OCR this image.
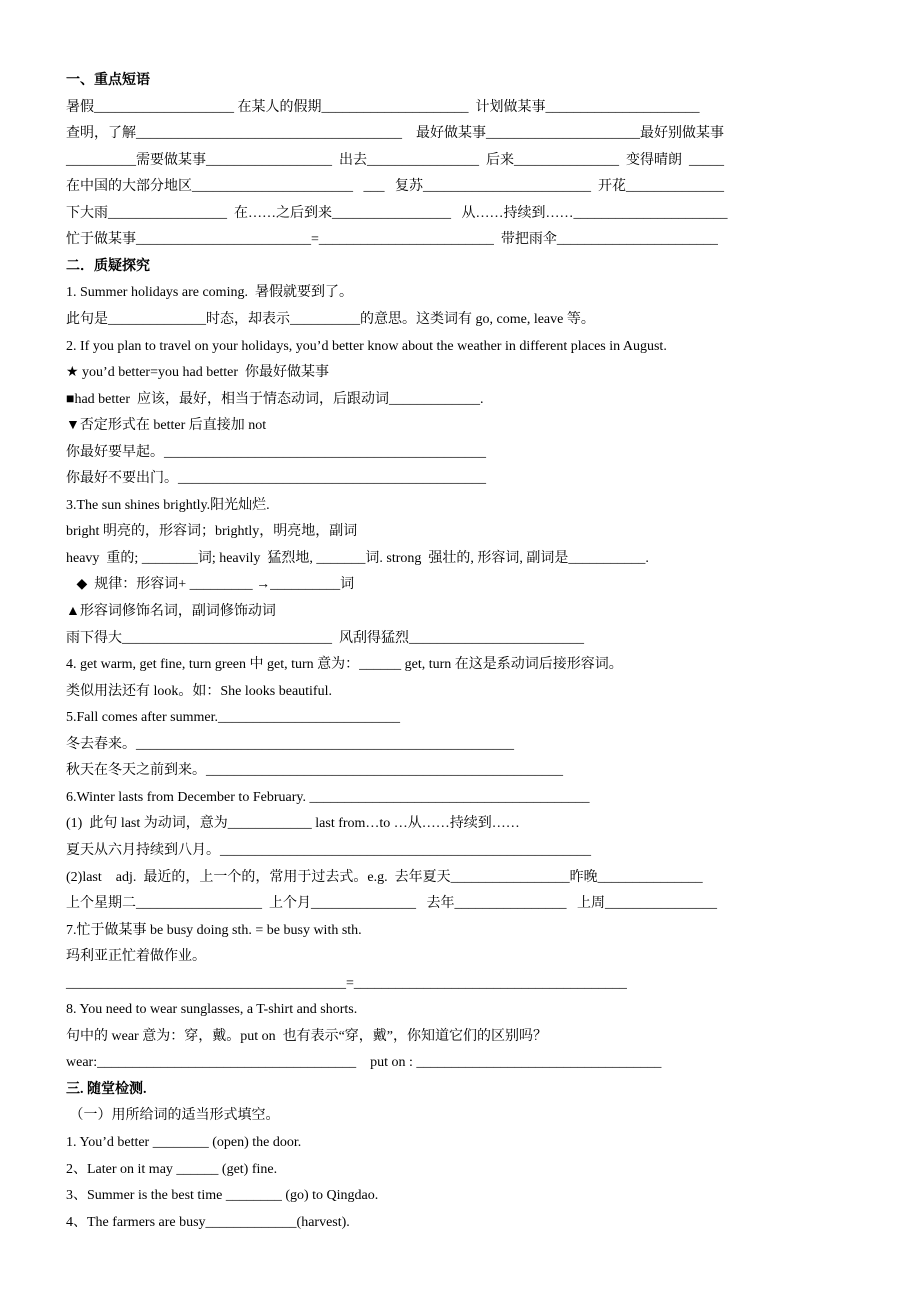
一、重点短语
暑假____________________ 在某人的假期_____________________  计划做某事______________________
查明，了解______________________________________    最好做某事______________________最好别做某事
__________需要做某事__________________  出去________________  后来_______________  变得晴朗  _____
在中国的大部分地区_______________________   ___   复苏________________________  开花______________
下大雨_________________  在……之后到来_________________   从……持续到……______________________
忙于做某事_________________________=_________________________  带把雨伞_______________________
二．质疑探究
1. Summer holidays are coming.  暑假就要到了。
此句是______________时态，却表示__________的意思。这类词有 go, come, leave 等。
2. If you plan to travel on your holidays, you’d better know about the weather in different places in August.
★ you’d better=you had better  你最好做某事
■had better  应该，最好，相当于情态动词，后跟动词_____________.
▼否定形式在 better 后直接加 not
你最好要早起。______________________________________________
你最好不要出门。____________________________________________
3.The sun shines brightly.阳光灿烂.
bright 明亮的，形容词；brightly，明亮地，副词
heavy  重的; ________词; heavily  猛烈地, _______词. strong  强壮的, 形容词, 副词是___________.
◆  规律：形容词+ _________ →__________词
▲形容词修饰名词，副词修饰动词
雨下得大______________________________  风刮得猛烈_________________________
4. get warm, get fine, turn green 中 get, turn 意为：______ get, turn 在这是系动词后接形容词。
类似用法还有 look。如：She looks beautiful.
5.Fall comes after summer.__________________________
冬去春来。______________________________________________________
秋天在冬天之前到来。___________________________________________________
6.Winter lasts from December to February. ________________________________________
(1)  此句 last 为动词，意为____________ last from…to …从……持续到……
夏天从六月持续到八月。_____________________________________________________
(2)last    adj.  最近的，上一个的，常用于过去式。e.g.  去年夏天_________________昨晚_______________
上个星期二__________________  上个月_______________   去年________________   上周________________
7.忙于做某事 be busy doing sth. = be busy with sth.
玛利亚正忙着做作业。
________________________________________=_______________________________________
8. You need to wear sunglasses, a T-shirt and shorts.
句中的 wear 意为：穿，戴。put on  也有表示“穿，戴”，你知道它们的区别吗？
wear:_____________________________________    put on : ___________________________________
三. 随堂检测.
（一）用所给词的适当形式填空。
1. You’d better ________ (open) the door.
2、Later on it may ______ (get) fine.
3、Summer is the best time ________ (go) to Qingdao.
4、The farmers are busy_____________(harvest).
